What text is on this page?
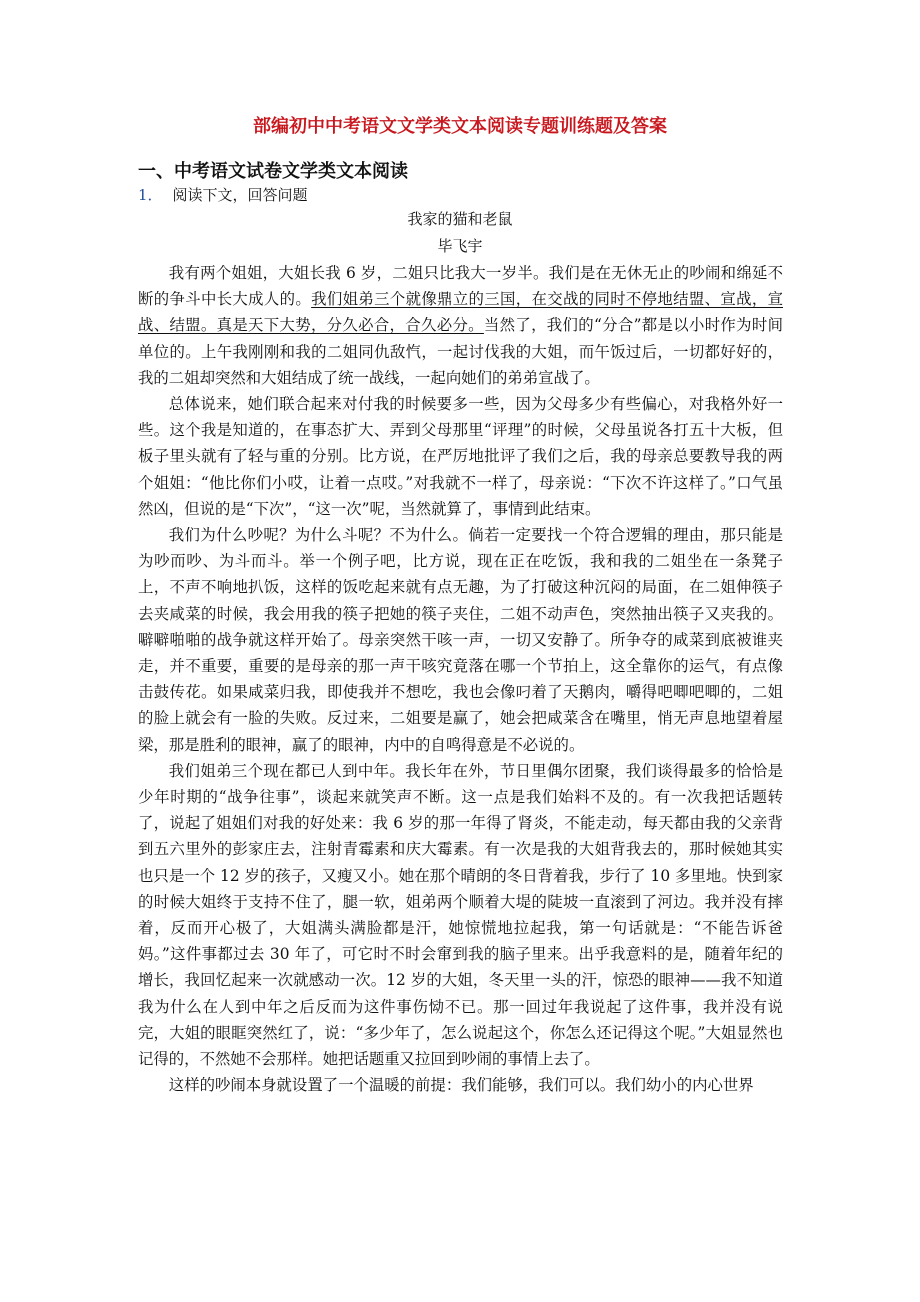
部编初中中考语文文学类文本阅读专题训练题及答案
一、中考语文试卷文学类文本阅读
1． 阅读下文，回答问题
我家的猫和老鼠
毕飞宇

我有两个姐姐，大姐长我 6 岁，二姐只比我大一岁半。我们是在无休无止的吵闹和绵延不断的争斗中长大成人的。我们姐弟三个就像鼎立的三国，在交战的同时不停地结盟、宣战，宣战、结盟。真是天下大势，分久必合，合久必分。当然了，我们的“分合”都是以小时作为时间单位的。上午我刚刚和我的二姐同仇敌忾，一起讨伐我的大姐，而午饭过后，一切都好好的，我的二姐却突然和大姐结成了统一战线，一起向她们的弟弟宣战了。

总体说来，她们联合起来对付我的时候要多一些，因为父母多少有些偏心，对我格外好一些。这个我是知道的，在事态扩大、弄到父母那里“评理”的时候，父母虽说各打五十大板，但板子里头就有了轻与重的分别。比方说，在严厉地批评了我们之后，我的母亲总要教导我的两个姐姐：“他比你们小哎，让着一点哎。”对我就不一样了，母亲说：“下次不许这样了。”口气虽然凶，但说的是“下次”，“这一次”呢，当然就算了，事情到此结束。

我们为什么吵呢？为什么斗呢？不为什么。倘若一定要找一个符合逻辑的理由，那只能是为吵而吵、为斗而斗。举一个例子吧，比方说，现在正在吃饭，我和我的二姐坐在一条凳子上，不声不响地扒饭，这样的饭吃起来就有点无趣，为了打破这种沉闷的局面，在二姐伸筷子去夹咸菜的时候，我会用我的筷子把她的筷子夹住，二姐不动声色，突然抽出筷子又夹我的。噼噼啪啪的战争就这样开始了。母亲突然干咳一声，一切又安静了。所争夺的咸菜到底被谁夹走，并不重要，重要的是母亲的那一声干咳究竟落在哪一个节拍上，这全靠你的运气，有点像击鼓传花。如果咸菜归我，即使我并不想吃，我也会像叼着了天鹅肉，嚼得吧唧吧唧的，二姐的脸上就会有一脸的失败。反过来，二姐要是赢了，她会把咸菜含在嘴里，悄无声息地望着屋梁，那是胜利的眼神，赢了的眼神，内中的自鸣得意是不必说的。

我们姐弟三个现在都已人到中年。我长年在外，节日里偶尔团聚，我们谈得最多的恰恰是少年时期的“战争往事”，谈起来就笑声不断。这一点是我们始料不及的。有一次我把话题转了，说起了姐姐们对我的好处来：我 6 岁的那一年得了肾炎，不能走动，每天都由我的父亲背到五六里外的彭家庄去，注射青霉素和庆大霉素。有一次是我的大姐背我去的，那时候她其实也只是一个 12 岁的孩子，又瘦又小。她在那个晴朗的冬日背着我，步行了 10 多里地。快到家的时候大姐终于支持不住了，腿一软，姐弟两个顺着大堤的陡坡一直滚到了河边。我并没有摔着，反而开心极了，大姐满头满脸都是汗，她惊慌地拉起我，第一句话就是：“不能告诉爸妈。”这件事都过去 30 年了，可它时不时会窜到我的脑子里来。出乎我意料的是，随着年纪的增长，我回忆起来一次就感动一次。12 岁的大姐，冬天里一头的汗，惊恐的眼神——我不知道我为什么在人到中年之后反而为这件事伤恸不已。那一回过年我说起了这件事，我并没有说完，大姐的眼眶突然红了，说：“多少年了，怎么说起这个，你怎么还记得这个呢。”大姐显然也记得的，不然她不会那样。她把话题重又拉回到吵闹的事情上去了。

这样的吵闹本身就设置了一个温暖的前提：我们能够，我们可以。我们幼小的内心世界
